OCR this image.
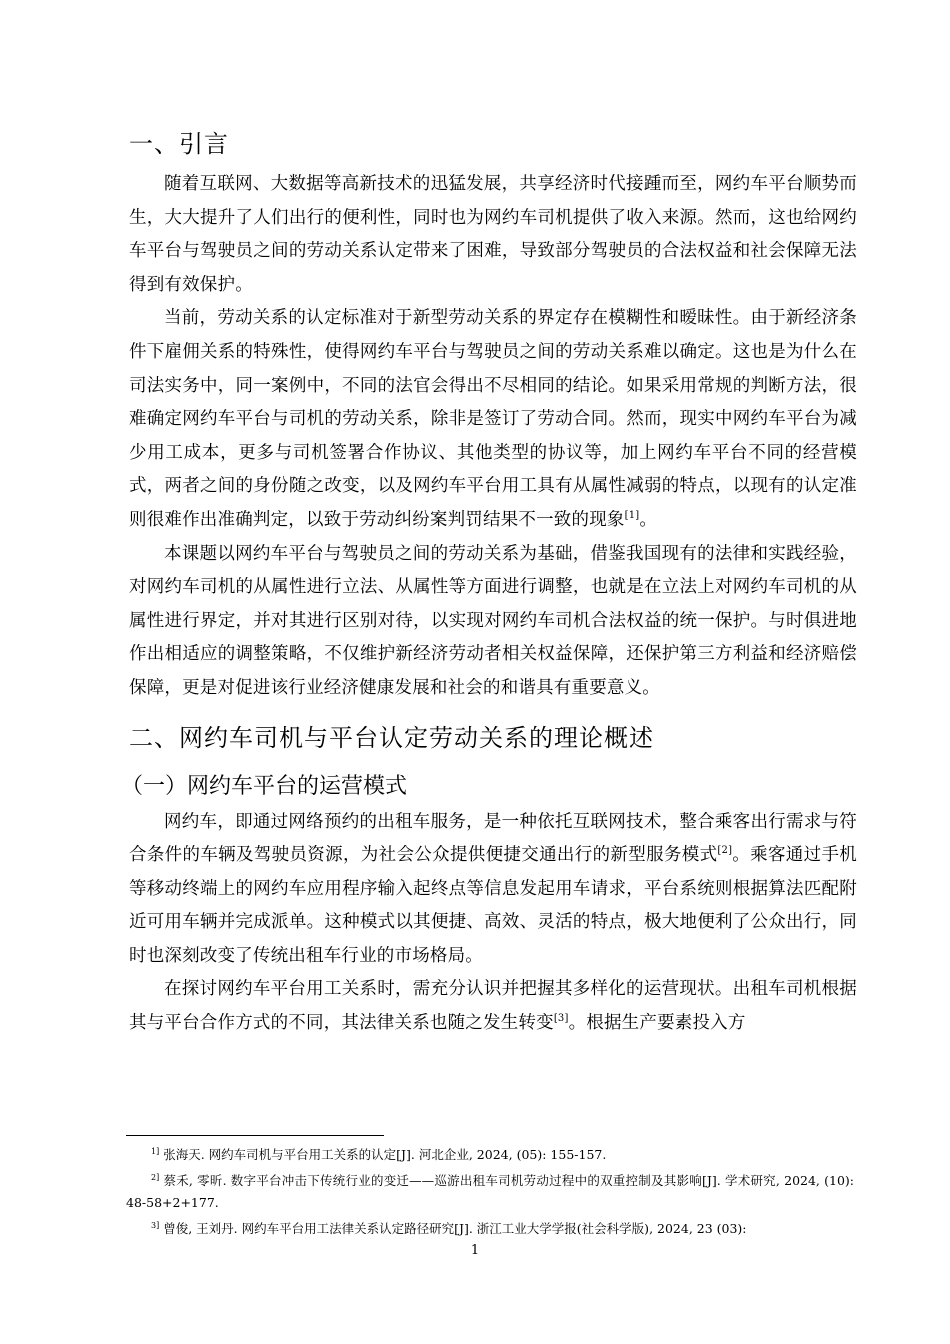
一、引言

随着互联网、大数据等高新技术的迅猛发展，共享经济时代接踵而至，网约车平台顺势而生，大大提升了人们出行的便利性，同时也为网约车司机提供了收入来源。然而，这也给网约车平台与驾驶员之间的劳动关系认定带来了困难，导致部分驾驶员的合法权益和社会保障无法得到有效保护。

当前，劳动关系的认定标准对于新型劳动关系的界定存在模糊性和暧昧性。由于新经济条件下雇佣关系的特殊性，使得网约车平台与驾驶员之间的劳动关系难以确定。这也是为什么在司法实务中，同一案例中，不同的法官会得出不尽相同的结论。如果采用常规的判断方法，很难确定网约车平台与司机的劳动关系，除非是签订了劳动合同。然而，现实中网约车平台为减少用工成本，更多与司机签署合作协议、其他类型的协议等，加上网约车平台不同的经营模式，两者之间的身份随之改变，以及网约车平台用工具有从属性减弱的特点，以现有的认定准则很难作出准确判定，以致于劳动纠纷案判罚结果不一致的现象[1]。

本课题以网约车平台与驾驶员之间的劳动关系为基础，借鉴我国现有的法律和实践经验，对网约车司机的从属性进行立法、从属性等方面进行调整，也就是在立法上对网约车司机的从属性进行界定，并对其进行区别对待，以实现对网约车司机合法权益的统一保护。与时俱进地作出相适应的调整策略，不仅维护新经济劳动者相关权益保障，还保护第三方利益和经济赔偿保障，更是对促进该行业经济健康发展和社会的和谐具有重要意义。

二、网约车司机与平台认定劳动关系的理论概述
（一）网约车平台的运营模式

网约车，即通过网络预约的出租车服务，是一种依托互联网技术，整合乘客出行需求与符合条件的车辆及驾驶员资源，为社会公众提供便捷交通出行的新型服务模式[2]。乘客通过手机等移动终端上的网约车应用程序输入起终点等信息发起用车请求，平台系统则根据算法匹配附近可用车辆并完成派单。这种模式以其便捷、高效、灵活的特点，极大地便利了公众出行，同时也深刻改变了传统出租车行业的市场格局。

在探讨网约车平台用工关系时，需充分认识并把握其多样化的运营现状。出租车司机根据其与平台合作方式的不同，其法律关系也随之发生转变[3]。根据生产要素投入方

$^{1]}$ 张海天. 网约车司机与平台用工关系的认定[J]. 河北企业, 2024, (05): 155-157.

$^{2]}$ 蔡禾, 零昕. 数字平台冲击下传统行业的变迁——巡游出租车司机劳动过程中的双重控制及其影响[J]. 学术研究, 2024, (10): 48-58+2+177.

$^{3]}$ 曾俊, 王刘丹. 网约车平台用工法律关系认定路径研究[J]. 浙江工业大学学报(社会科学版), 2024, 23 (03):

1
